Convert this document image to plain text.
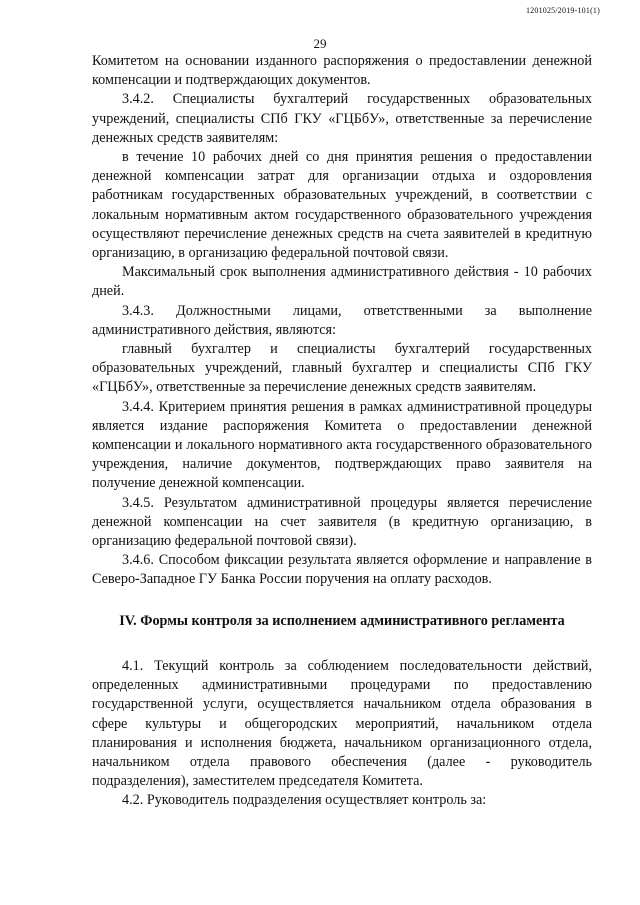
1201025/2019-101(1)
29

Комитетом на основании изданного распоряжения о предоставлении денежной компенсации и подтверждающих документов.

3.4.2. Специалисты бухгалтерий государственных образовательных учреждений, специалисты СПб ГКУ «ГЦБбУ», ответственные за перечисление денежных средств заявителям:

в течение 10 рабочих дней со дня принятия решения о предоставлении денежной компенсации затрат для организации отдыха и оздоровления работникам государственных образовательных учреждений, в соответствии с локальным нормативным актом государственного образовательного учреждения осуществляют перечисление денежных средств на счета заявителей в кредитную организацию, в организацию федеральной почтовой связи.

Максимальный срок выполнения административного действия - 10 рабочих дней.

3.4.3. Должностными лицами, ответственными за выполнение административного действия, являются:

главный бухгалтер и специалисты бухгалтерий государственных образовательных учреждений, главный бухгалтер и специалисты СПб ГКУ «ГЦБбУ», ответственные за перечисление денежных средств заявителям.

3.4.4. Критерием принятия решения в рамках административной процедуры является издание распоряжения Комитета о предоставлении денежной компенсации и локального нормативного акта государственного образовательного учреждения, наличие документов, подтверждающих право заявителя на получение денежной компенсации.

3.4.5. Результатом административной процедуры является перечисление денежной компенсации на счет заявителя (в кредитную организацию, в организацию федеральной почтовой связи).

3.4.6. Способом фиксации результата является оформление и направление в Северо-Западное ГУ Банка России поручения на оплату расходов.

IV. Формы контроля за исполнением административного регламента

4.1. Текущий контроль за соблюдением последовательности действий, определенных административными процедурами по предоставлению государственной услуги, осуществляется начальником отдела образования в сфере культуры и общегородских мероприятий, начальником отдела планирования и исполнения бюджета, начальником организационного отдела, начальником отдела правового обеспечения (далее - руководитель подразделения), заместителем председателя Комитета.

4.2. Руководитель подразделения осуществляет контроль за:
